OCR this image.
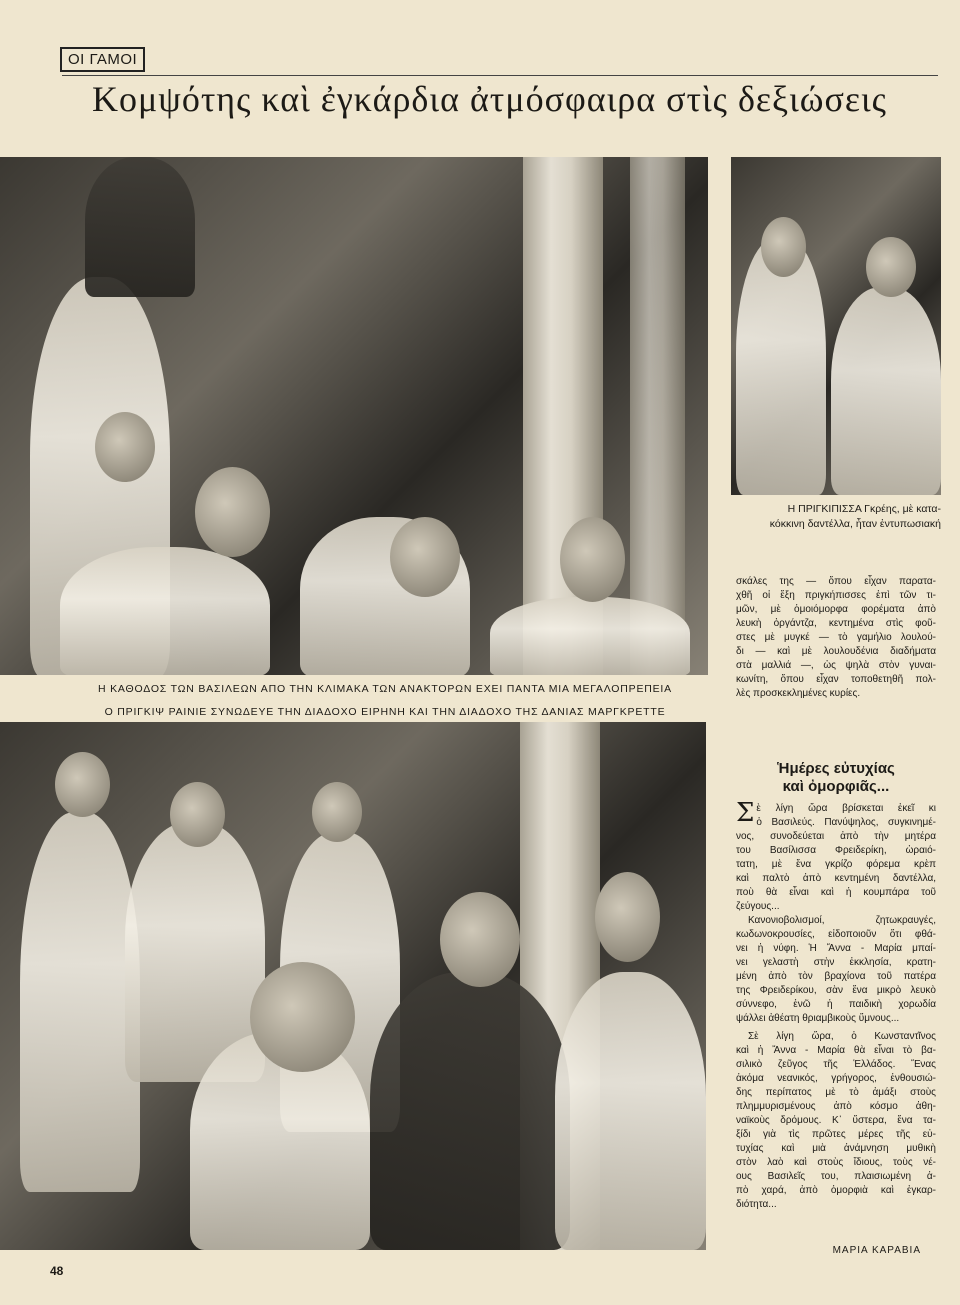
ΟΙ ΓΑΜΟΙ
Κομψότης καὶ ἐγκάρδια ἀτμόσφαιρα στὶς δεξιώσεις
Η ΚΑΘΟΔΟΣ ΤΩΝ ΒΑΣΙΛΕΩΝ ΑΠΟ ΤΗΝ ΚΛΙΜΑΚΑ ΤΩΝ ΑΝΑΚΤΟΡΩΝ ΕΧΕΙ ΠΑΝΤΑ ΜΙΑ ΜΕΓΑΛΟΠΡΕΠΕΙΑ
Ο ΠΡΙΓΚΙΨ ΡΑΙΝΙΕ ΣΥΝΩΔΕΥΕ ΤΗΝ ΔΙΑΔΟΧΟ ΕΙΡΗΝΗ ΚΑΙ ΤΗΝ ΔΙΑΔΟΧΟ ΤΗΣ ΔΑΝΙΑΣ ΜΑΡΓΚΡΕΤΤΕ
Η ΠΡΙΓΚΙΠΙΣΣΑ Γκρέης, μὲ κατα-
κόκκινη δαντέλλα, ἦταν ἐντυπωσιακή
σκάλες της — ὅπου εἶχαν παρατα-
χθῆ οἱ ἔξη πριγκήπισσες ἐπὶ τῶν τι-
μῶν, μὲ ὁμοιόμορφα φορέματα ἀπὸ
λευκὴ ὀργάντζα, κεντημένα στὶς φοῦ-
στες μὲ μυγκέ — τὸ γαμήλιο λουλού-
δι — καὶ μὲ λουλουδένια διαδήματα
στὰ μαλλιά —, ὡς ψηλὰ στὸν γυναι-
κωνίτη, ὅπου εἶχαν τοποθετηθῆ πολ-
λὲς προσκεκλημένες κυρίες.
Ἡμέρες εὐτυχίας
καὶ ὀμορφιᾶς...
Σ ὲ λίγη ὥρα βρίσκεται ἐκεῖ κι
ὁ Βασιλεύς. Πανύψηλος, συγκινημέ-
νος, συνοδεύεται ἀπὸ τὴν μητέρα
του Βασίλισσα Φρειδερίκη, ὡραιό-
τατη, μὲ ἕνα γκρίζο φόρεμα κρὲπ
καὶ παλτὸ ἀπὸ κεντημένη δαντέλλα,
ποὺ θὰ εἶναι καὶ ἡ κουμπάρα τοῦ
ζεύγους...
Κανονιοβολισμοί, ζητωκραυγές,
κωδωνοκρουσίες, εἰδοποιοῦν ὅτι φθά-
νει ἡ νύφη. Ἡ Ἄννα - Μαρία μπαί-
νει γελαστὴ στὴν ἐκκλησία, κρατη-
μένη ἀπὸ τὸν βραχίονα τοῦ πατέρα
της Φρειδερίκου, σὰν ἕνα μικρὸ λευκὸ
σύννεφο, ἐνῶ ἡ παιδικὴ χορωδία
ψάλλει ἀθέατη θριαμβικοὺς ὕμνους...
Σὲ λίγη ὥρα, ὁ Κωνσταντῖνος
καὶ ἡ Ἄννα - Μαρία θὰ εἶναι τὸ βα-
σιλικὸ ζεῦγος τῆς Ἑλλάδος. Ἕνας
ἀκόμα νεανικός, γρήγορος, ἐνθουσιώ-
δης περίπατος μὲ τὸ ἀμάξι στοὺς
πλημμυρισμένους ἀπὸ κόσμο ἀθη-
ναϊκοὺς δρόμους. Κ᾿ ὕστερα, ἕνα τα-
ξίδι γιὰ τὶς πρῶτες μέρες τῆς εὐ-
τυχίας καὶ μιὰ ἀνάμνηση μυθικὴ
στὸν λαὸ καὶ στοὺς ἴδιους, τοὺς νέ-
ους Βασιλεῖς του, πλαισιωμένη ἀ-
πὸ χαρά, ἀπὸ ὀμορφιὰ καὶ ἐγκαρ-
διότητα...
ΜΑΡΙΑ ΚΑΡΑΒΙΑ
48
